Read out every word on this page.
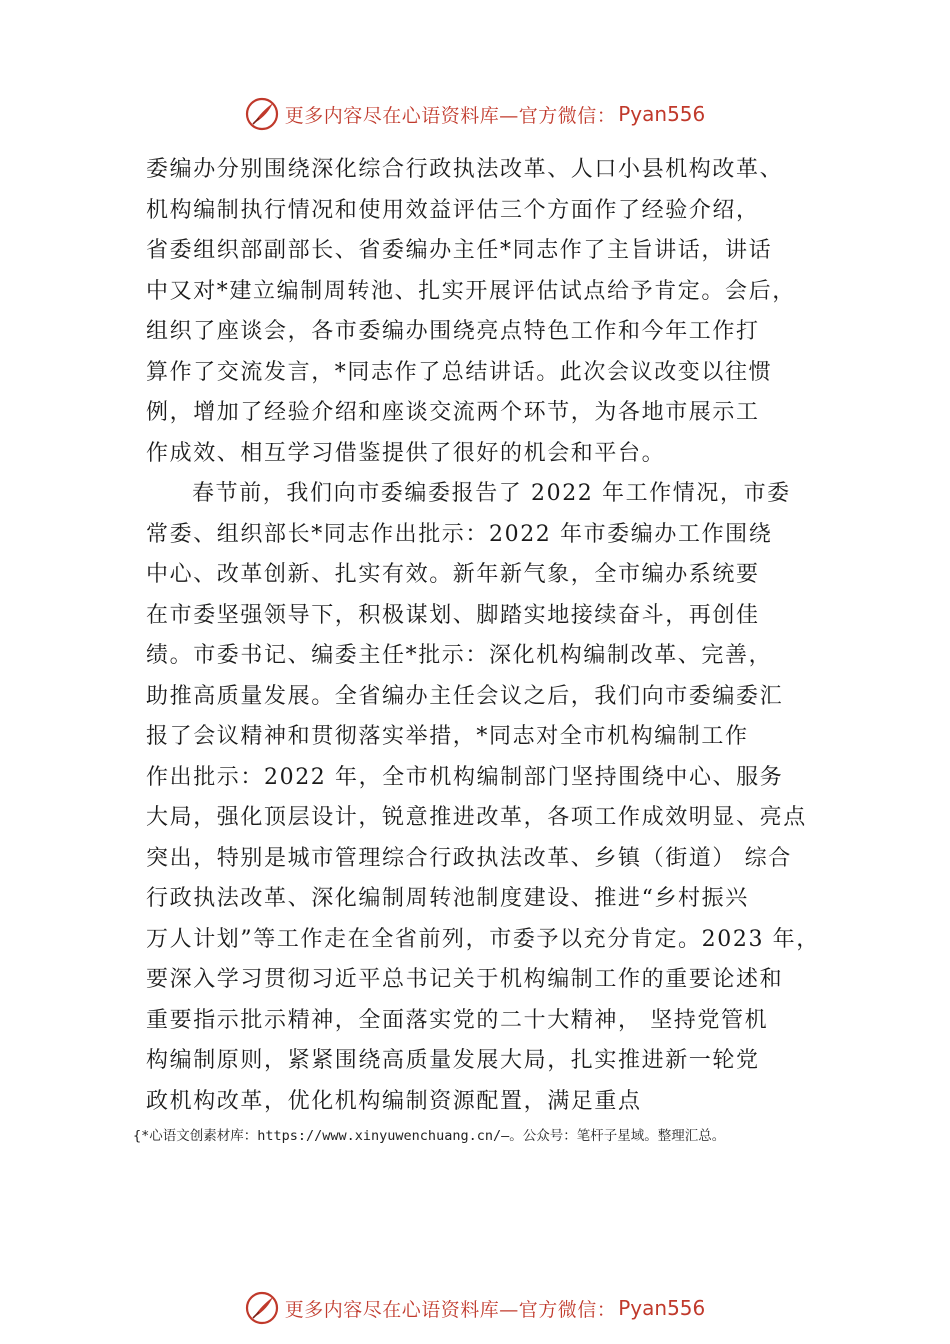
更多内容尽在心语资料库—官方微信： Pyan556
委编办分别围绕深化综合行政执法改革、人口小县机构改革、
机构编制执行情况和使用效益评估三个方面作了经验介绍，
省委组织部副部长、省委编办主任*同志作了主旨讲话，讲话
中又对*建立编制周转池、扎实开展评估试点给予肯定。会后，
组织了座谈会，各市委编办围绕亮点特色工作和今年工作打
算作了交流发言，*同志作了总结讲话。此次会议改变以往惯
例，增加了经验介绍和座谈交流两个环节，为各地市展示工
作成效、相互学习借鉴提供了很好的机会和平台。
春节前，我们向市委编委报告了 2022 年工作情况，市委
常委、组织部长*同志作出批示：2022 年市委编办工作围绕
中心、改革创新、扎实有效。新年新气象，全市编办系统要
在市委坚强领导下，积极谋划、脚踏实地接续奋斗，再创佳
绩。市委书记、编委主任*批示：深化机构编制改革、完善，
助推高质量发展。全省编办主任会议之后，我们向市委编委汇
报了会议精神和贯彻落实举措，*同志对全市机构编制工作
作出批示：2022 年，全市机构编制部门坚持围绕中心、服务
大局，强化顶层设计，锐意推进改革，各项工作成效明显、亮点
突出，特别是城市管理综合行政执法改革、乡镇（街道） 综合
行政执法改革、深化编制周转池制度建设、推进“乡村振兴
万人计划”等工作走在全省前列，市委予以充分肯定。2023 年，
要深入学习贯彻习近平总书记关于机构编制工作的重要论述和
重要指示批示精神，全面落实党的二十大精神， 坚持党管机
构编制原则，紧紧围绕高质量发展大局，扎实推进新一轮党
政机构改革，优化机构编制资源配置，满足重点
{*心语文创素材库：https://www.xinyuwenchuang.cn/—。公众号：笔杆子星域。整理汇总。
更多内容尽在心语资料库—官方微信： Pyan556
